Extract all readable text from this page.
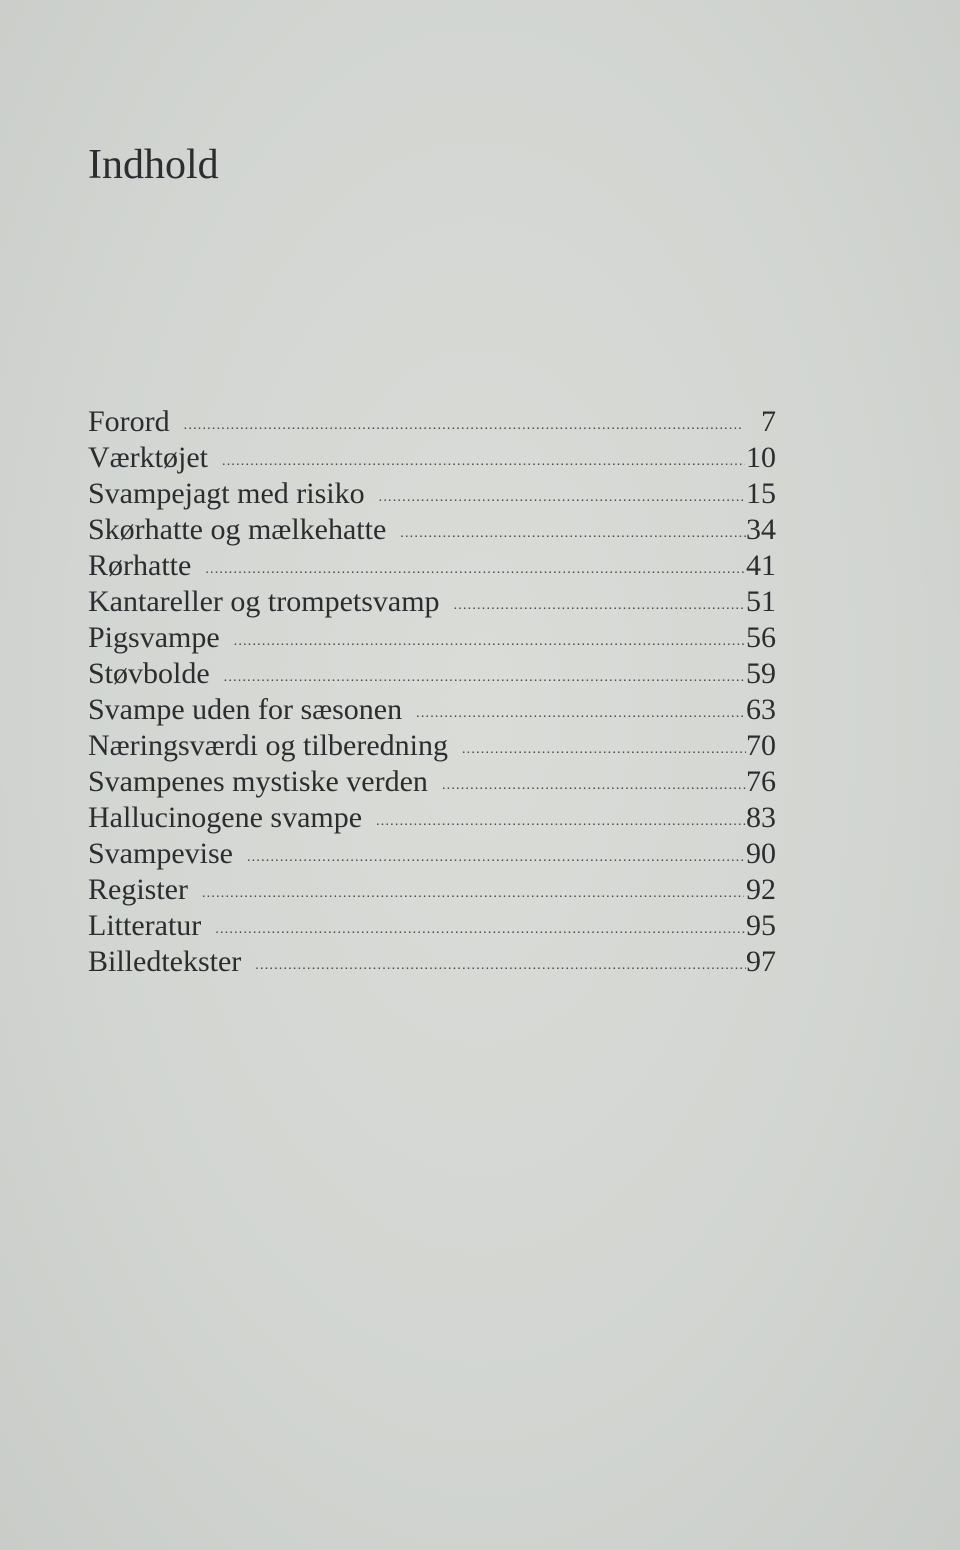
Indhold
Forord .....	7
Værktøjet .....	10
Svampejagt med risiko .....	15
Skørhatte og mælkehatte .....	34
Rørhatte .....	41
Kantareller og trompetsvamp .....	51
Pigsvampe .....	56
Støvbolde .....	59
Svampe uden for sæsonen .....	63
Næringsværdi og tilberedning .....	70
Svampenes mystiske verden .....	76
Hallucinogene svampe .....	83
Svampevise .....	90
Register .....	92
Litteratur .....	95
Billedtekster .....	97
